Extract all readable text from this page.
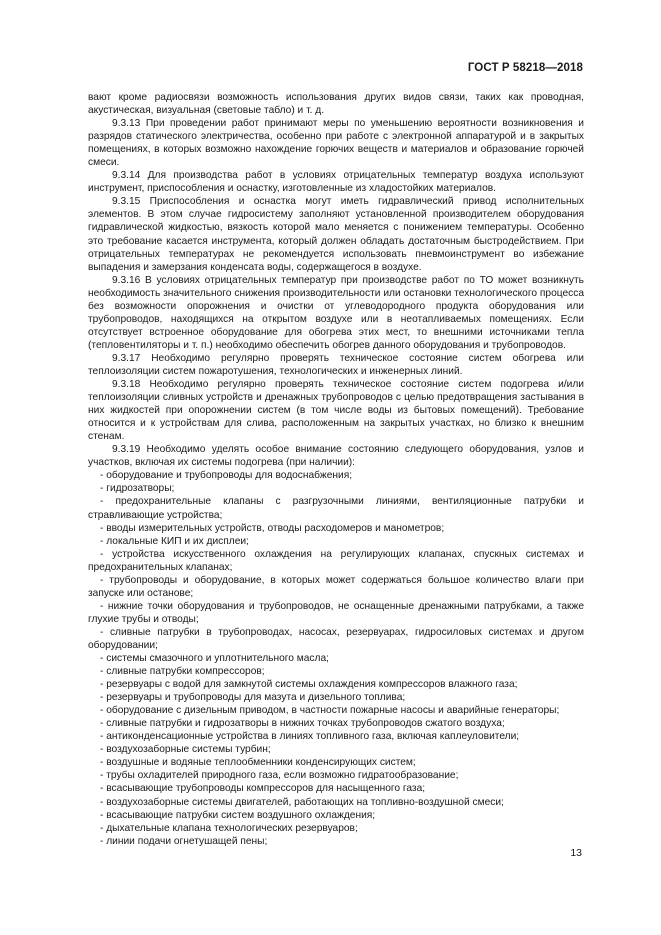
ГОСТ Р 58218—2018

вают кроме радиосвязи возможность использования других видов связи, таких как проводная, акустическая, визуальная (световые табло) и т. д.

9.3.13 При проведении работ принимают меры по уменьшению вероятности возникновения и разрядов статического электричества, особенно при работе с электронной аппаратурой и в закрытых помещениях, в которых возможно нахождение горючих веществ и материалов и образование горючей смеси.

9.3.14 Для производства работ в условиях отрицательных температур воздуха используют инструмент, приспособления и оснастку, изготовленные из хладостойких материалов.

9.3.15 Приспособления и оснастка могут иметь гидравлический привод исполнительных элементов. В этом случае гидросистему заполняют установленной производителем оборудования гидравлической жидкостью, вязкость которой мало меняется с понижением температуры. Особенно это требование касается инструмента, который должен обладать достаточным быстродействием. При отрицательных температурах не рекомендуется использовать пневмоинструмент во избежание выпадения и замерзания конденсата воды, содержащегося в воздухе.

9.3.16 В условиях отрицательных температур при производстве работ по ТО может возникнуть необходимость значительного снижения производительности или остановки технологического процесса без возможности опорожнения и очистки от углеводородного продукта оборудования или трубопроводов, находящихся на открытом воздухе или в неотапливаемых помещениях. Если отсутствует встроенное оборудование для обогрева этих мест, то внешними источниками тепла (тепловентиляторы и т. п.) необходимо обеспечить обогрев данного оборудования и трубопроводов.

9.3.17 Необходимо регулярно проверять техническое состояние систем обогрева или теплоизоляции систем пожаротушения, технологических и инженерных линий.

9.3.18 Необходимо регулярно проверять техническое состояние систем подогрева и/или теплоизоляции сливных устройств и дренажных трубопроводов с целью предотвращения застывания в них жидкостей при опорожнении систем (в том числе воды из бытовых помещений). Требование относится и к устройствам для слива, расположенным на закрытых участках, но близко к внешним стенам.

9.3.19 Необходимо уделять особое внимание состоянию следующего оборудования, узлов и участков, включая их системы подогрева (при наличии):

- оборудование и трубопроводы для водоснабжения;
- гидрозатворы;
- предохранительные клапаны с разгрузочными линиями, вентиляционные патрубки и стравливающие устройства;
- вводы измерительных устройств, отводы расходомеров и манометров;
- локальные КИП и их дисплеи;
- устройства искусственного охлаждения на регулирующих клапанах, спускных системах и предохранительных клапанах;
- трубопроводы и оборудование, в которых может содержаться большое количество влаги при запуске или останове;
- нижние точки оборудования и трубопроводов, не оснащенные дренажными патрубками, а также глухие трубы и отводы;
- сливные патрубки в трубопроводах, насосах, резервуарах, гидросиловых системах и другом оборудовании;
- системы смазочного и уплотнительного масла;
- сливные патрубки компрессоров;
- резервуары с водой для замкнутой системы охлаждения компрессоров влажного газа;
- резервуары и трубопроводы для мазута и дизельного топлива;
- оборудование с дизельным приводом, в частности пожарные насосы и аварийные генераторы;
- сливные патрубки и гидрозатворы в нижних точках трубопроводов сжатого воздуха;
- антиконденсационные устройства в линиях топливного газа, включая каплеуловители;
- воздухозаборные системы турбин;
- воздушные и водяные теплообменники конденсирующих систем;
- трубы охладителей природного газа, если возможно гидратообразование;
- всасывающие трубопроводы компрессоров для насыщенного газа;
- воздухозаборные системы двигателей, работающих на топливно-воздушной смеси;
- всасывающие патрубки систем воздушного охлаждения;
- дыхательные клапана технологических резервуаров;
- линии подачи огнетушащей пены;
13
